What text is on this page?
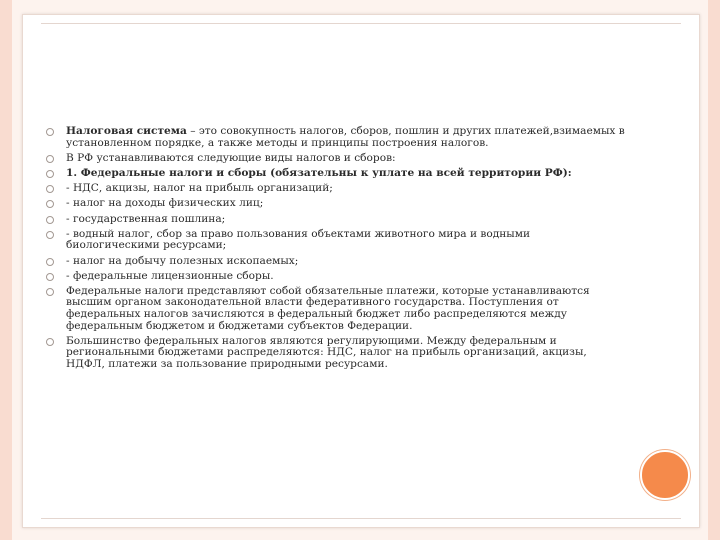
Налоговая система – это совокупность налогов, сборов, пошлин и других платежей,взимаемых в установленном порядке, а также методы и принципы построения налогов.
В РФ устанавливаются следующие виды налогов и сборов:
1. Федеральные налоги и сборы (обязательны к уплате на всей территории РФ):
- НДС, акцизы, налог на прибыль организаций;
- налог на доходы физических лиц;
- государственная пошлина;
- водный налог, сбор за право пользования объектами животного мира и водными биологическими ресурсами;
- налог на добычу полезных ископаемых;
- федеральные лицензионные сборы.
Федеральные налоги представляют собой обязательные платежи, которые устанавливаются высшим органом законодательной власти федеративного государства. Поступления от федеральных налогов зачисляются в федеральный бюджет либо распределяются между федеральным бюджетом и бюджетами субъектов Федерации.
Большинство федеральных налогов являются регулирующими. Между федеральным и региональными бюджетами распределяются: НДС, налог на прибыль организаций, акцизы, НДФЛ, платежи за пользование природными ресурсами.
